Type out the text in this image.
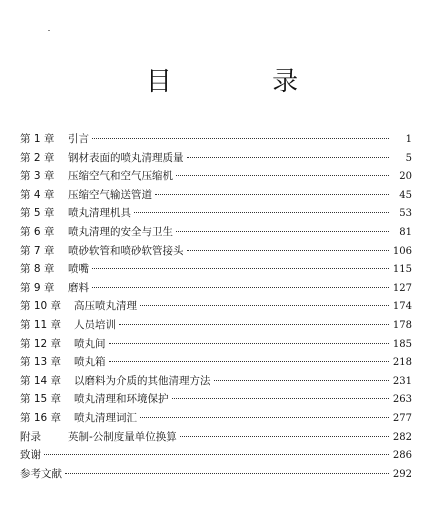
目 录
第 1 章	引言	1
第 2 章	钢材表面的喷丸清理质量	5
第 3 章	压缩空气和空气压缩机	20
第 4 章	压缩空气输送管道	45
第 5 章	喷丸清理机具	53
第 6 章	喷丸清理的安全与卫生	81
第 7 章	喷砂软管和喷砂软管接头	106
第 8 章	喷嘴	115
第 9 章	磨料	127
第 10 章	高压喷丸清理	174
第 11 章	人员培训	178
第 12 章	喷丸间	185
第 13 章	喷丸箱	218
第 14 章	以磨料为介质的其他清理方法	231
第 15 章	喷丸清理和环境保护	263
第 16 章	喷丸清理词汇	277
附录	英制-公制度量单位换算	282
致谢	286
参考文献	292
